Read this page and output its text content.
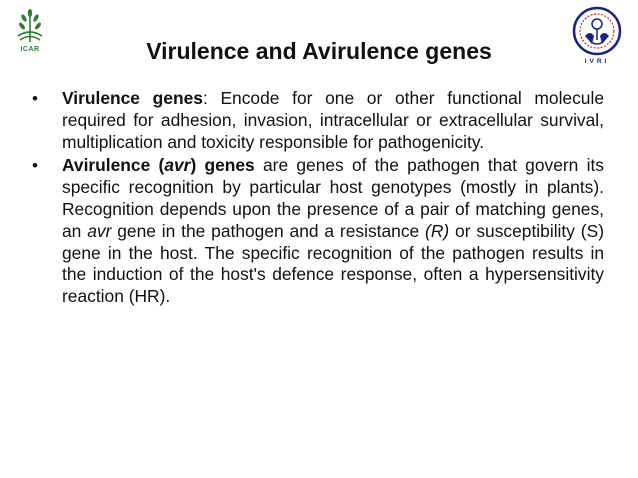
ICAR
IVRI
Virulence and Avirulence genes
• Virulence genes: Encode for one or other functional molecule required for adhesion, invasion, intracellular or extracellular survival, multiplication and toxicity responsible for pathogenicity.
• Avirulence (avr) genes are genes of the pathogen that govern its specific recognition by particular host genotypes (mostly in plants). Recognition depends upon the presence of a pair of matching genes, an avr gene in the pathogen and a resistance (R) or susceptibility (S) gene in the host. The specific recognition of the pathogen results in the induction of the host's defence response, often a hypersensitivity reaction (HR).
